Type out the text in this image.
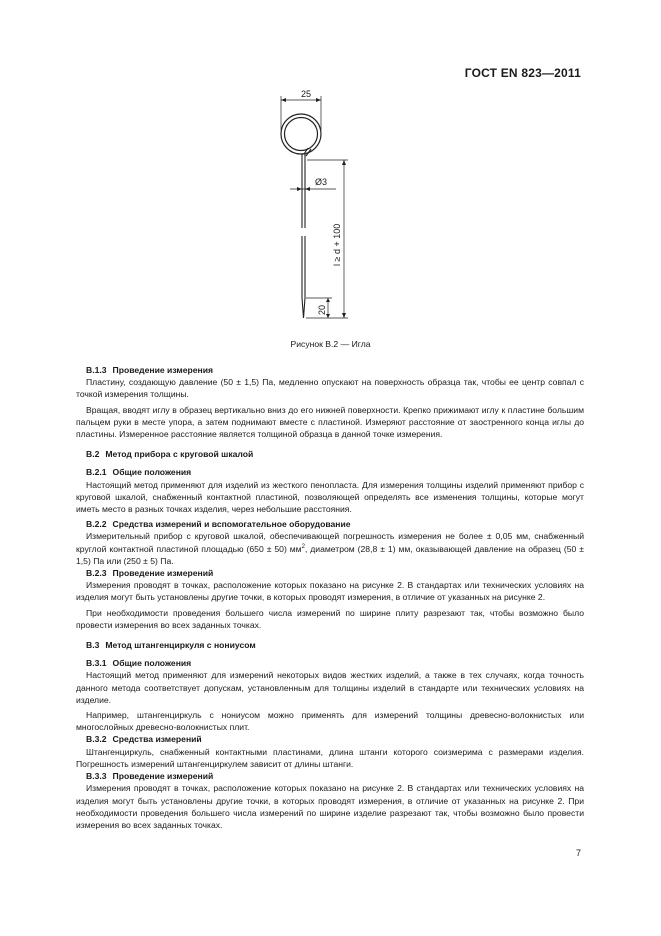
ГОСТ EN 823—2011
25
Ø3
l ≥ d + 100
20
Рисунок В.2 — Игла

В.1.3 Проведение измерения

Пластину, создающую давление (50 ± 1,5) Па, медленно опускают на поверхность образца так, чтобы ее центр совпал с точкой измерения толщины.

Вращая, вводят иглу в образец вертикально вниз до его нижней поверхности. Крепко прижимают иглу к пластине большим пальцем руки в месте упора, а затем поднимают вместе с пластиной. Измеряют расстояние от заостренного конца иглы до пластины. Измеренное расстояние является толщиной образца в данной точке измерения.

В.2 Метод прибора с круговой шкалой

В.2.1 Общие положения

Настоящий метод применяют для изделий из жесткого пенопласта. Для измерения толщины изделий применяют прибор с круговой шкалой, снабженный контактной пластиной, позволяющей определять все изменения толщины, которые могут иметь место в разных точках изделия, через небольшие расстояния.

В.2.2 Средства измерений и вспомогательное оборудование

Измерительный прибор с круговой шкалой, обеспечивающей погрешность измерения не более ± 0,05 мм, снабженный круглой контактной пластиной площадью (650 ± 50) $мм^2$, диаметром (28,8 ± 1) мм, оказывающей давление на образец (50 ± 1,5) Па или (250 ± 5) Па.

В.2.3 Проведение измерений

Измерения проводят в точках, расположение которых показано на рисунке 2. В стандартах или технических условиях на изделия могут быть установлены другие точки, в которых проводят измерения, в отличие от указанных на рисунке 2.

При необходимости проведения большего числа измерений по ширине плиту разрезают так, чтобы возможно было провести измерения во всех заданных точках.

В.3 Метод штангенциркуля с нониусом

В.3.1 Общие положения

Настоящий метод применяют для измерений некоторых видов жестких изделий, а также в тех случаях, когда точность данного метода соответствует допускам, установленным для толщины изделий в стандарте или технических условиях на изделие.

Например, штангенциркуль с нониусом можно применять для измерений толщины древесно-волокнистых или многослойных древесно-волокнистых плит.

В.3.2 Средства измерений

Штангенциркуль, снабженный контактными пластинами, длина штанги которого соизмерима с размерами изделия. Погрешность измерений штангенциркулем зависит от длины штанги.

В.3.3 Проведение измерений

Измерения проводят в точках, расположение которых показано на рисунке 2. В стандартах или технических условиях на изделия могут быть установлены другие точки, в которых проводят измерения, в отличие от указанных на рисунке 2. При необходимости проведения большего числа измерений по ширине изделие разрезают так, чтобы возможно было провести измерения во всех заданных точках.

7
